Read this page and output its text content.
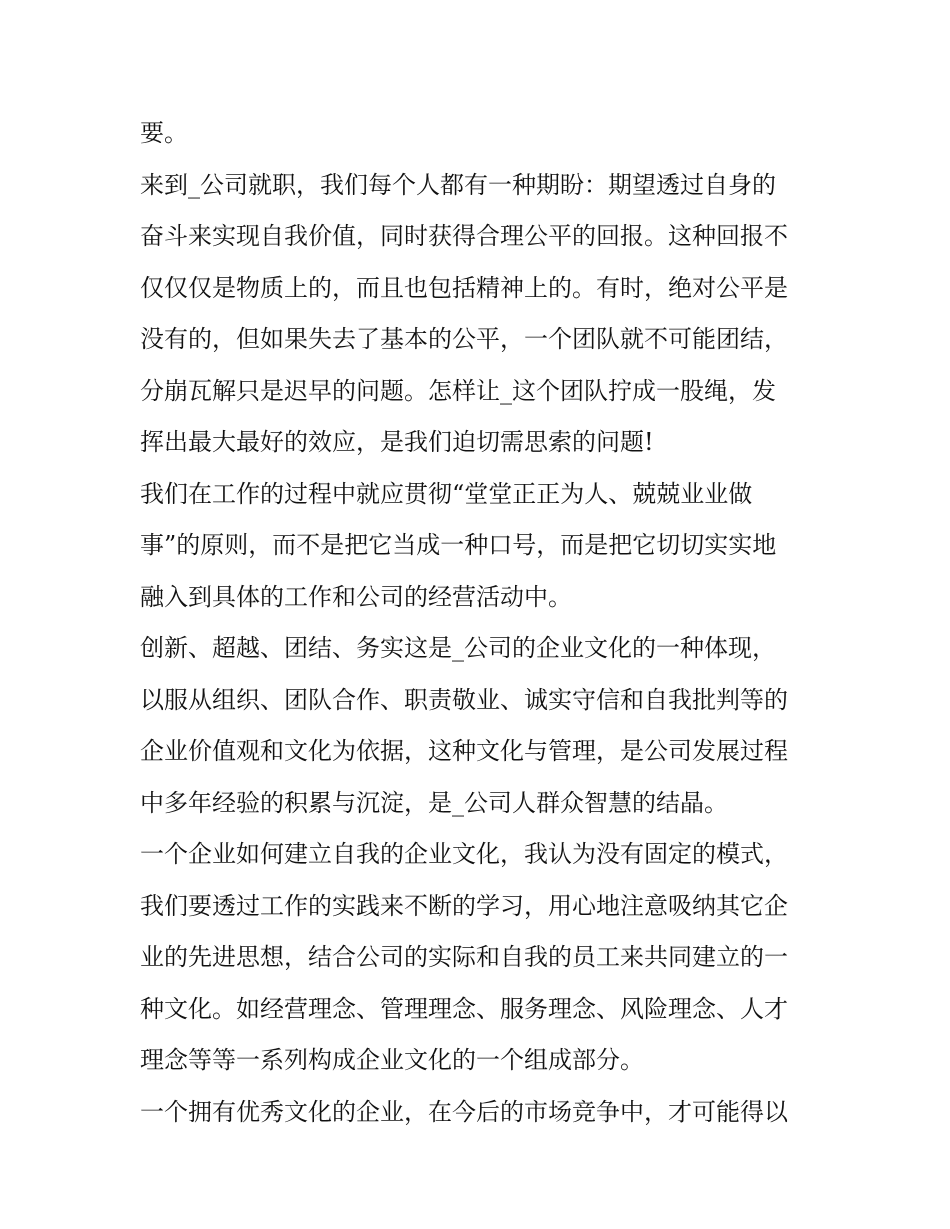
要。
来到_公司就职，我们每个人都有一种期盼：期望透过自身的
奋斗来实现自我价值，同时获得合理公平的回报。这种回报不
仅仅仅是物质上的，而且也包括精神上的。有时，绝对公平是
没有的，但如果失去了基本的公平，一个团队就不可能团结，
分崩瓦解只是迟早的问题。怎样让_这个团队拧成一股绳，发
挥出最大最好的效应，是我们迫切需思索的问题!
我们在工作的过程中就应贯彻“堂堂正正为人、兢兢业业做
事”的原则，而不是把它当成一种口号，而是把它切切实实地
融入到具体的工作和公司的经营活动中。
创新、超越、团结、务实这是_公司的企业文化的一种体现，
以服从组织、团队合作、职责敬业、诚实守信和自我批判等的
企业价值观和文化为依据，这种文化与管理，是公司发展过程
中多年经验的积累与沉淀，是_公司人群众智慧的结晶。
一个企业如何建立自我的企业文化，我认为没有固定的模式，
我们要透过工作的实践来不断的学习，用心地注意吸纳其它企
业的先进思想，结合公司的实际和自我的员工来共同建立的一
种文化。如经营理念、管理理念、服务理念、风险理念、人才
理念等等一系列构成企业文化的一个组成部分。
一个拥有优秀文化的企业，在今后的市场竞争中，才可能得以
